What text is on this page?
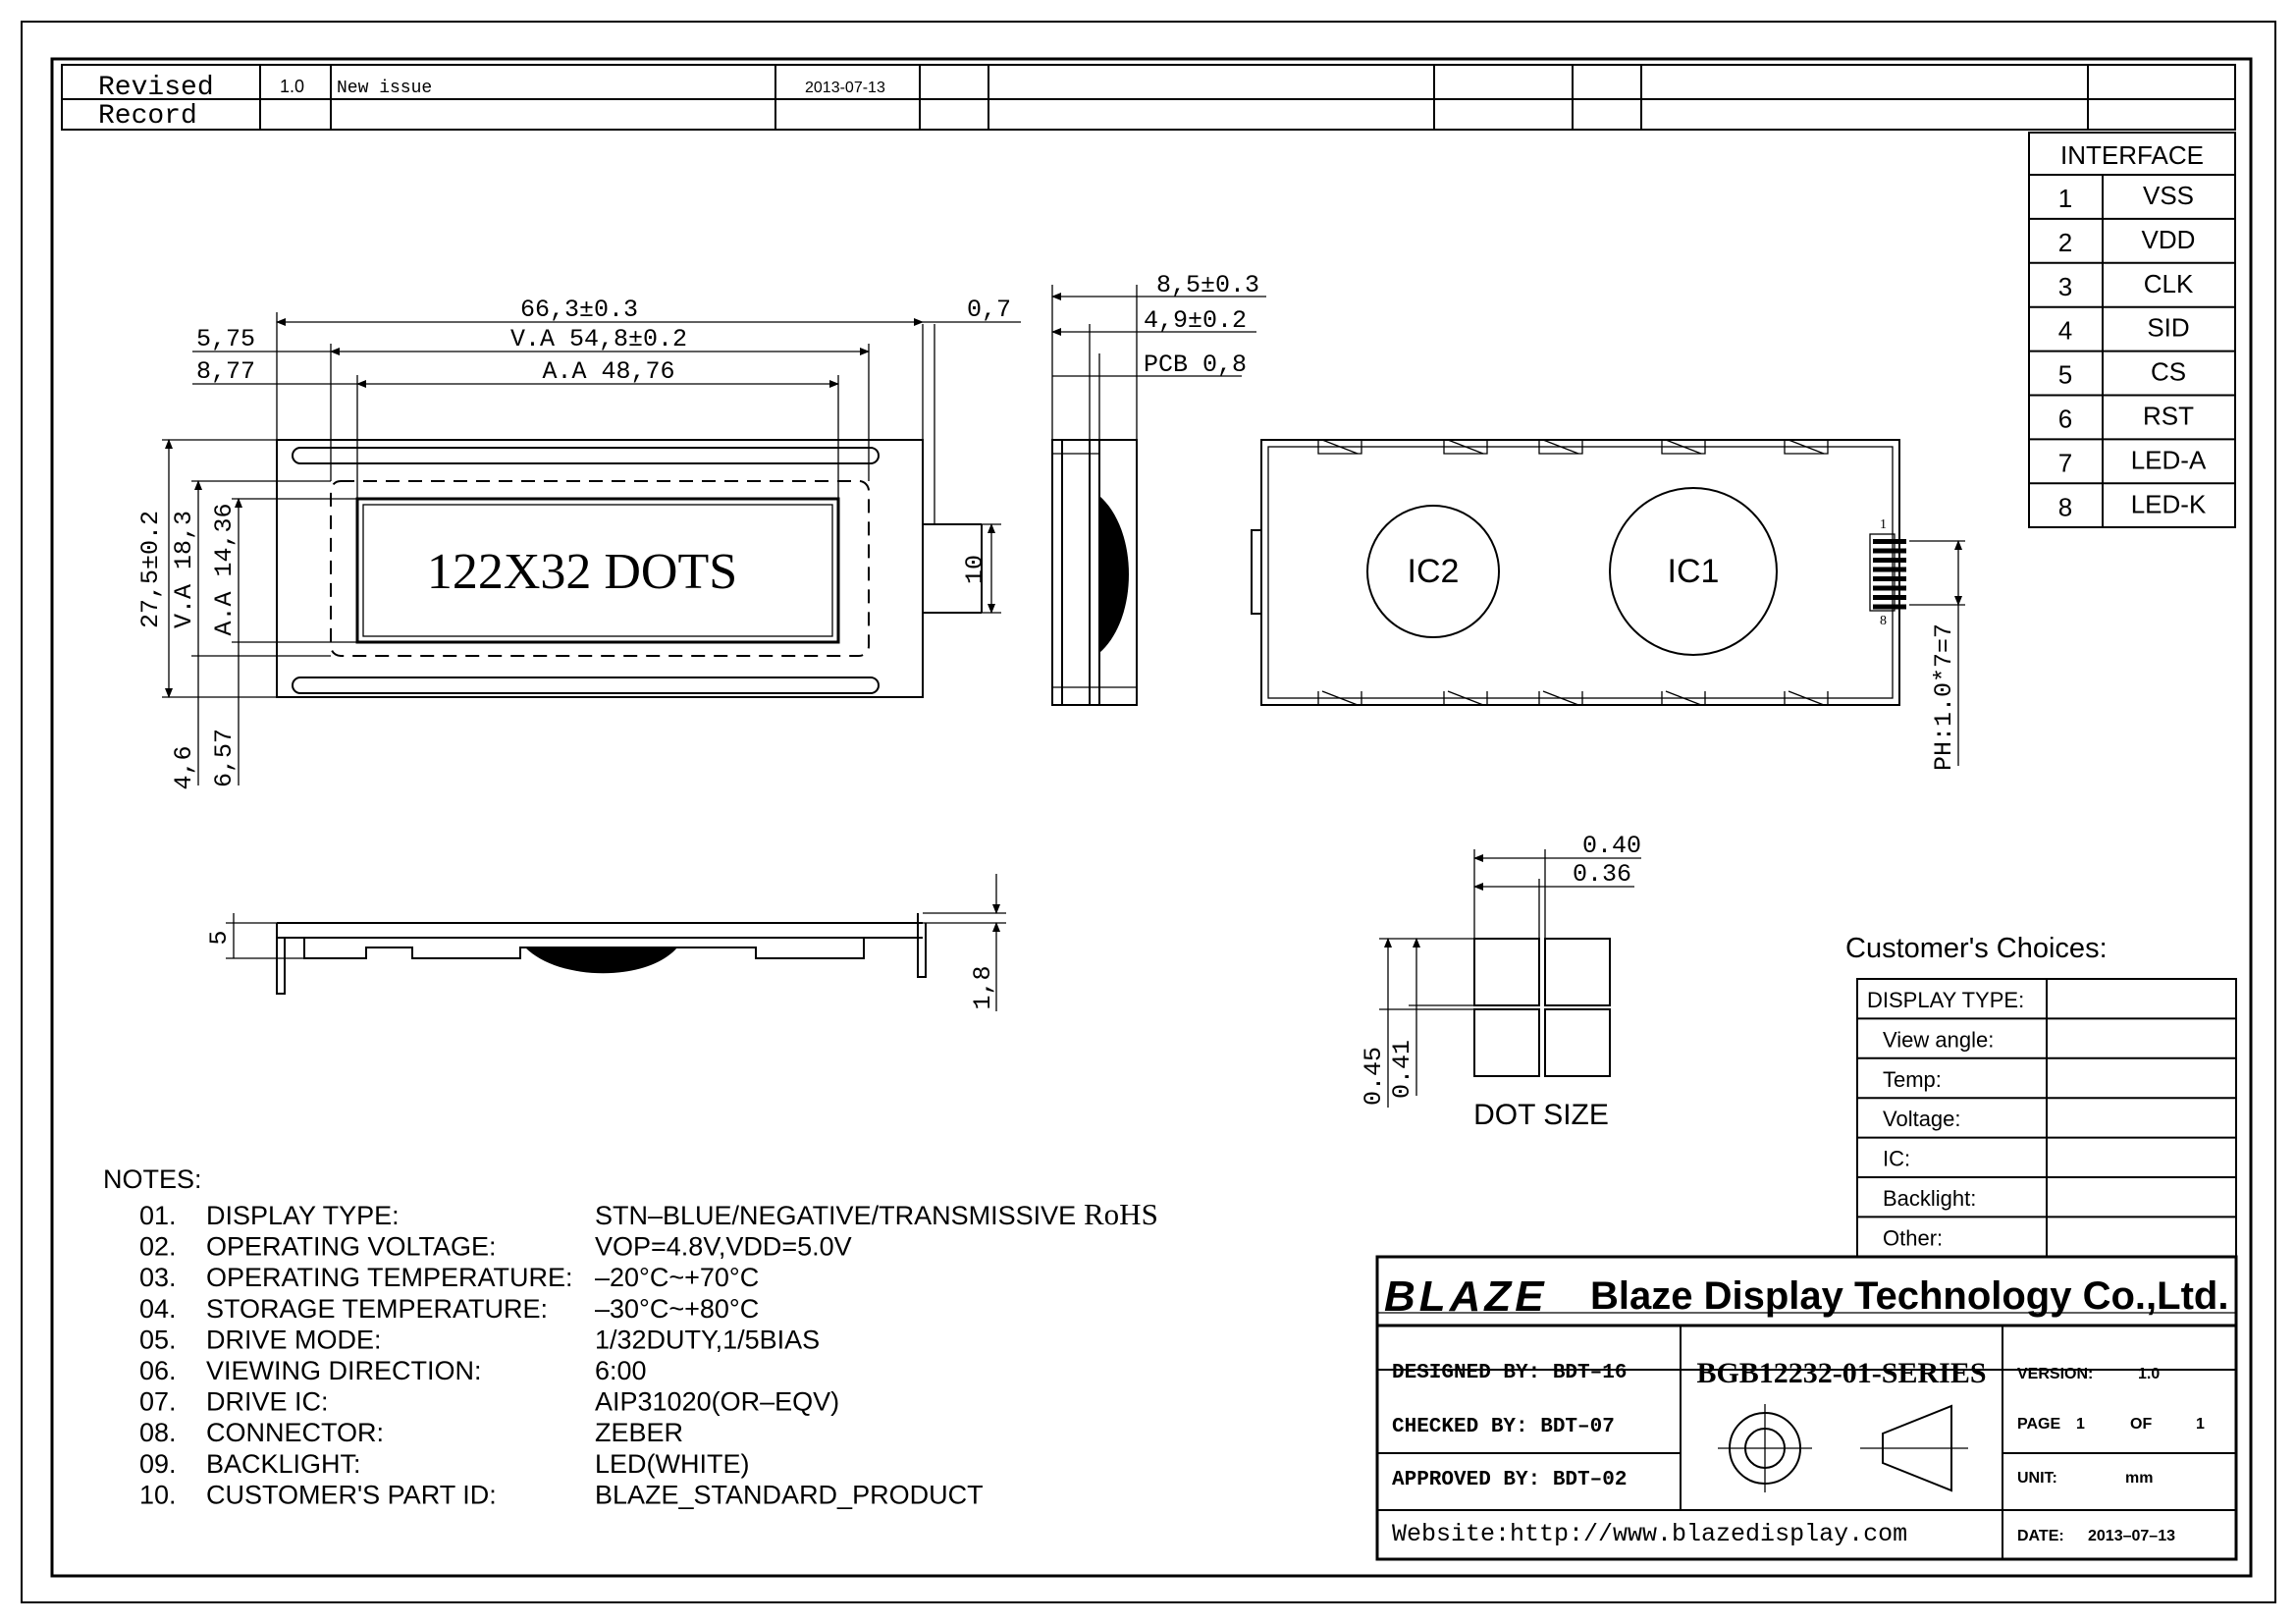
Revised
Record
1.0 New issue	2013-07-13
INTERFACE
1	VSS
2	VDD
3	CLK
4	SID
5	CS
6	RST
7 LED-A
8 LED-K
122X32 DOTS
66,3±0.3
V.A 54,8±0.2
A.A 48,76
5,75
8,77
0,7
27,5±0.2 V.A 18,3 A.A 14,36
4,6 6,57
10
8,5±0.3
4,9±0.2
PCB 0,8
IC2	IC1
1
8
PH:1.0*7=7
1,8
5
0.40
0.36
0.45 0.41
DOT SIZE
NOTES:
01. DISPLAY TYPE:	STN–BLUE/NEGATIVE/TRANSMISSIVE RoHS
02. OPERATING VOLTAGE:	VOP=4.8V,VDD=5.0V
03. OPERATING TEMPERATURE: –20°C~+70°C
04. STORAGE TEMPERATURE: –30°C~+80°C
05. DRIVE MODE:	1/32DUTY,1/5BIAS
06. VIEWING DIRECTION:	6:00
07. DRIVE IC:	AIP31020(OR–EQV)
08. CONNECTOR:	ZEBER
09. BACKLIGHT:	LED(WHITE)
10. CUSTOMER'S PART ID:	BLAZE_STANDARD_PRODUCT
Customer's Choices:
DISPLAY TYPE:
View angle:
Temp:
Voltage:
IC:
Backlight:
Other:
BLAZE Blaze Display Technology Co.,Ltd.
DESIGNED BY: BDT–16
CHECKED BY: BDT–07
APPROVED BY: BDT–02
BGB12232-01-SERIES VERSION:	1.0
PAGE 1	OF	1
UNIT:	mm
DATE: 2013–07–13
Website:http://www.blazedisplay.com
